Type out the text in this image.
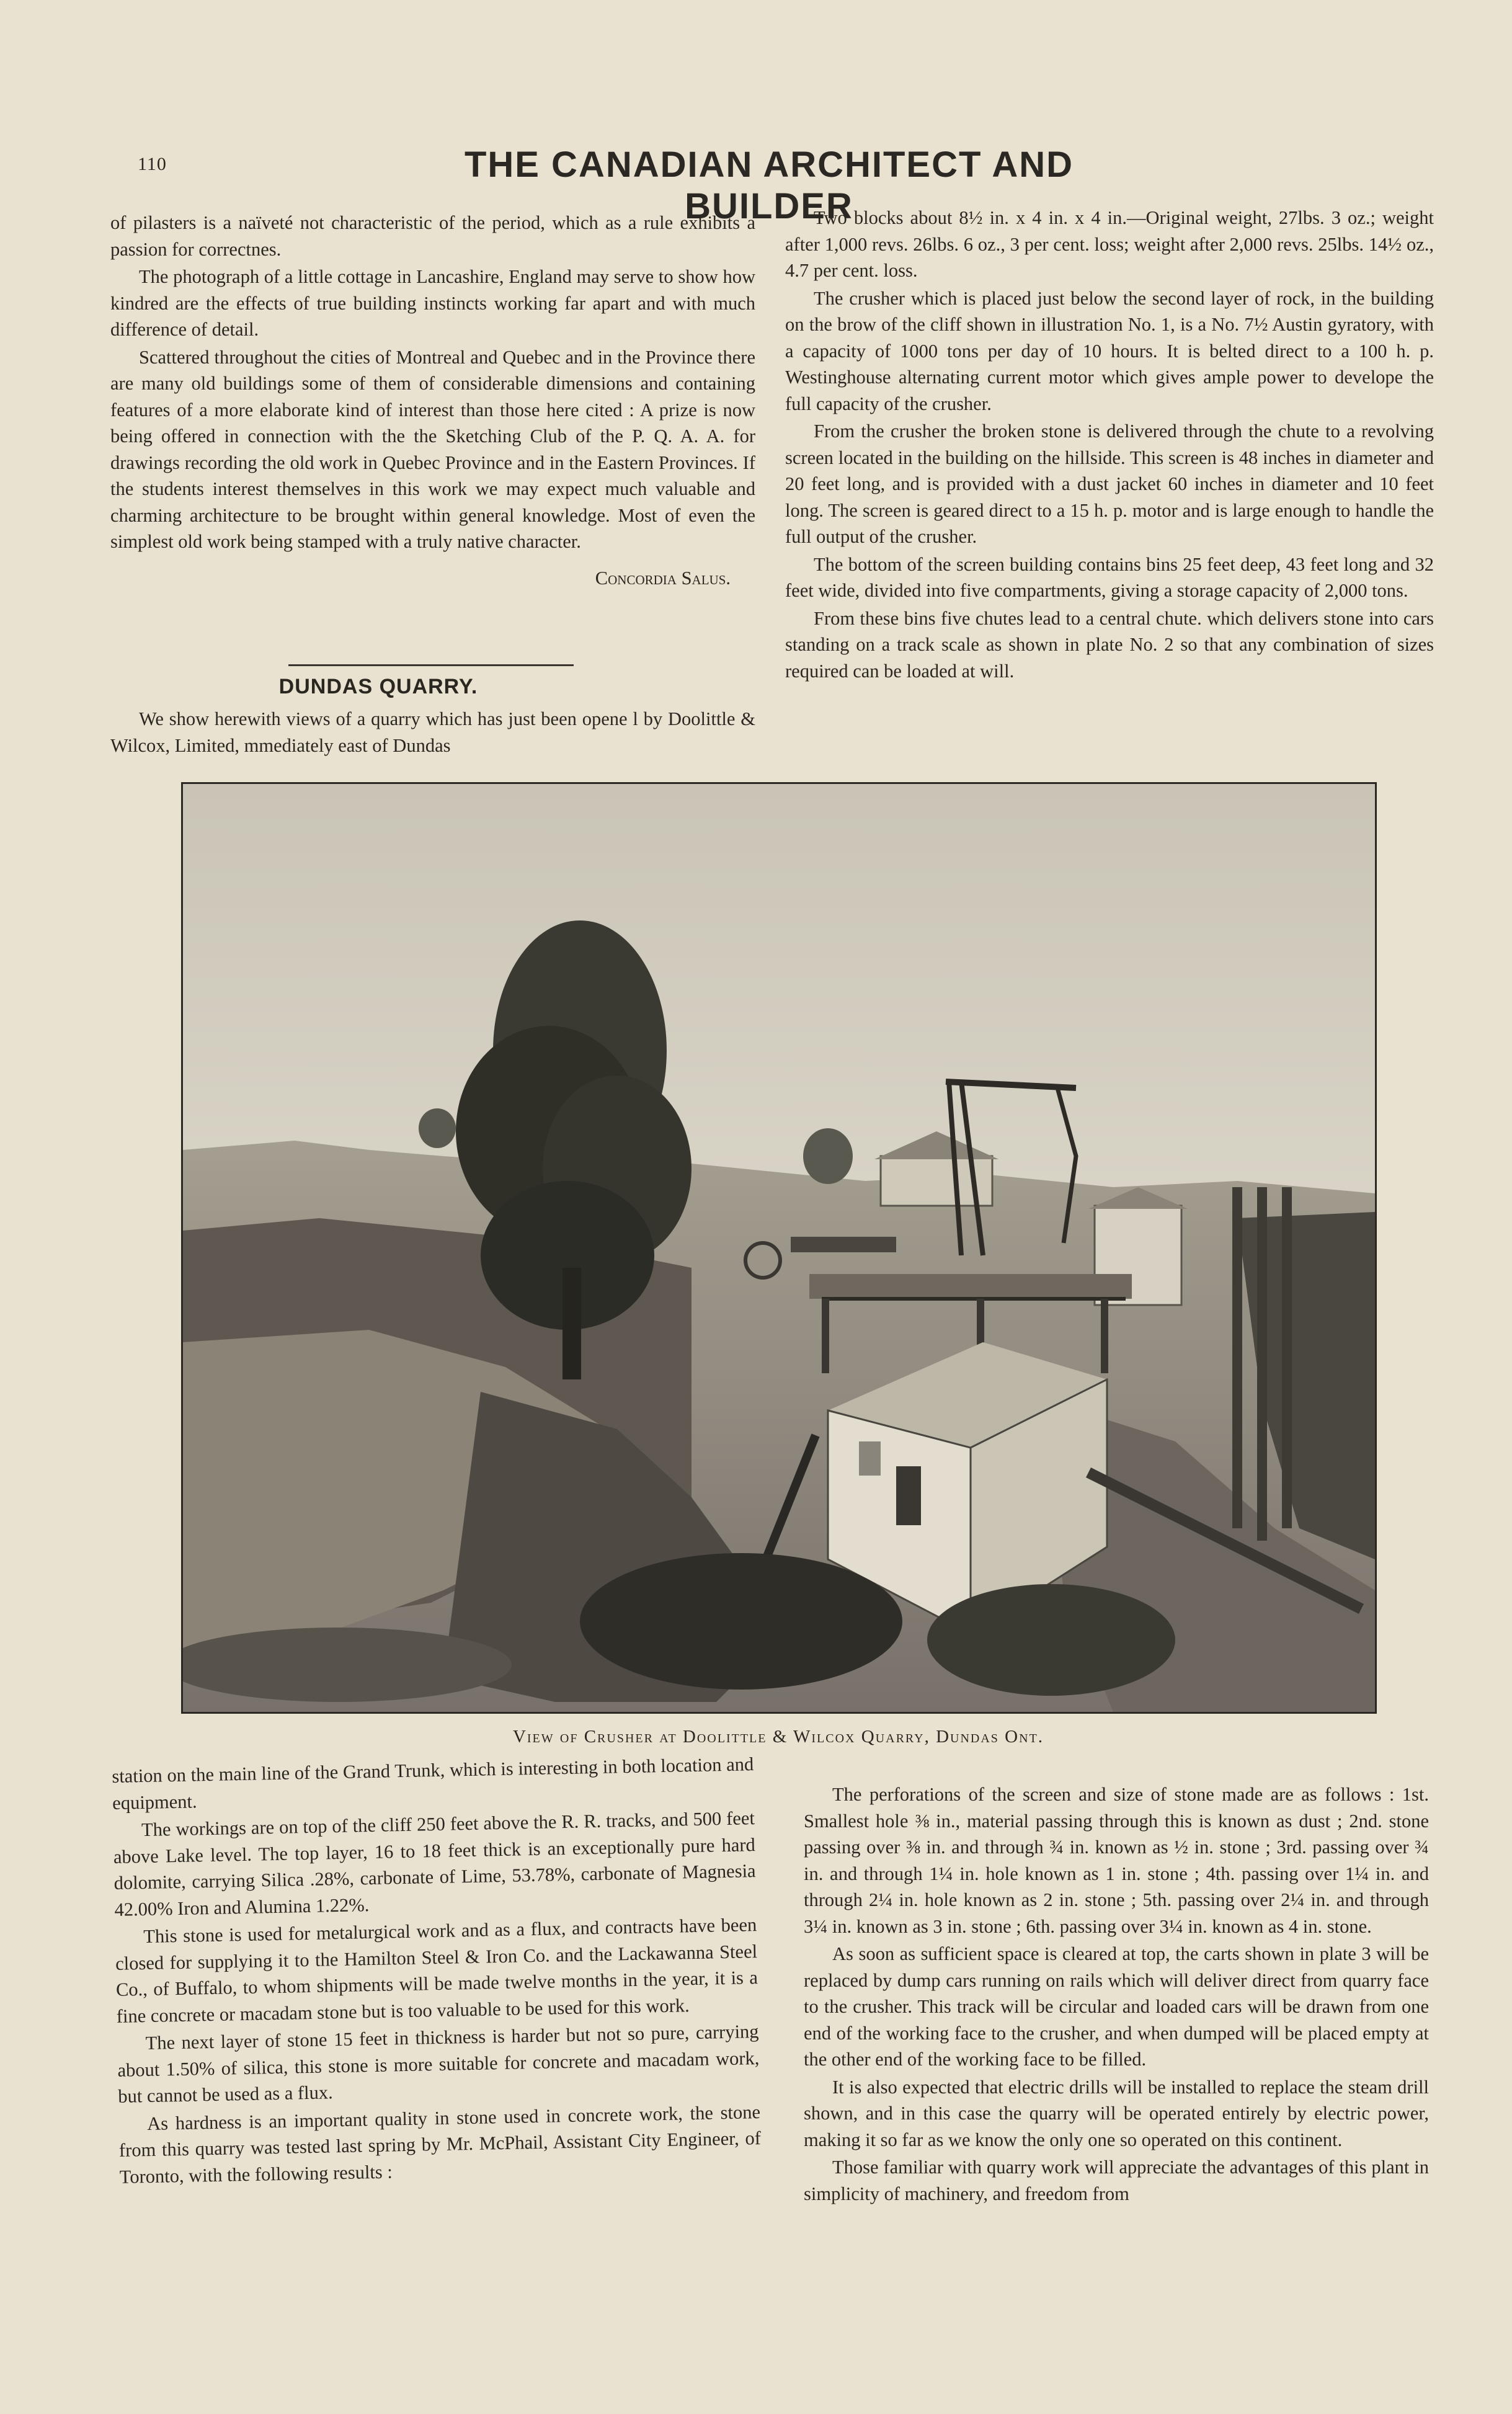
110	THE CANADIAN ARCHITECT AND BUILDER

of pilasters is a naïveté not characteristic of the period, which as a rule exhibits a passion for correctnes.

The photograph of a little cottage in Lancashire, England may serve to show how kindred are the effects of true building instincts working far apart and with much difference of detail.

Scattered throughout the cities of Montreal and Quebec and in the Province there are many old buildings some of them of considerable dimensions and containing features of a more elaborate kind of interest than those here cited : A prize is now being offered in connection with the the Sketching Club of the P. Q. A. A. for drawings recording the old work in Quebec Province and in the Eastern Provinces. If the students interest themselves in this work we may expect much valuable and charming architecture to be brought within general knowledge. Most of even the simplest old work being stamped with a truly native character.

Concordia Salus.

DUNDAS QUARRY.

We show herewith views of a quarry which has just been opene l by Doolittle & Wilcox, Limited, mmediately east of Dundas

Two blocks about 8½ in. x 4 in. x 4 in.—Original weight, 27lbs. 3 oz.; weight after 1,000 revs. 26lbs. 6 oz., 3 per cent. loss; weight after 2,000 revs. 25lbs. 14½ oz., 4.7 per cent. loss.

The crusher which is placed just below the second layer of rock, in the building on the brow of the cliff shown in illustration No. 1, is a No. 7½ Austin gyratory, with a capacity of 1000 tons per day of 10 hours. It is belted direct to a 100 h. p. Westinghouse alternating current motor which gives ample power to develope the full capacity of the crusher.

From the crusher the broken stone is delivered through the chute to a revolving screen located in the building on the hillside. This screen is 48 inches in diameter and 20 feet long, and is provided with a dust jacket 60 inches in diameter and 10 feet long. The screen is geared direct to a 15 h. p. motor and is large enough to handle the full output of the crusher.

The bottom of the screen building contains bins 25 feet deep, 43 feet long and 32 feet wide, divided into five compartments, giving a storage capacity of 2,000 tons.

From these bins five chutes lead to a central chute. which delivers stone into cars standing on a track scale as shown in plate No. 2 so that any combination of sizes required can be loaded at will.

View of Crusher at Doolittle & Wilcox Quarry, Dundas Ont.

station on the main line of the Grand Trunk, which is interesting in both location and equipment.

The workings are on top of the cliff 250 feet above the R. R. tracks, and 500 feet above Lake level. The top layer, 16 to 18 feet thick is an exceptionally pure hard dolomite, carrying Silica .28%, carbonate of Lime, 53.78%, carbonate of Magnesia 42.00% Iron and Alumina 1.22%.

This stone is used for metalurgical work and as a flux, and contracts have been closed for supplying it to the Hamilton Steel & Iron Co. and the Lackawanna Steel Co., of Buffalo, to whom shipments will be made twelve months in the year, it is a fine concrete or macadam stone but is too valuable to be used for this work.

The next layer of stone 15 feet in thickness is harder but not so pure, carrying about 1.50% of silica, this stone is more suitable for concrete and macadam work, but cannot be used as a flux.

As hardness is an important quality in stone used in concrete work, the stone from this quarry was tested last spring by Mr. McPhail, Assistant City Engineer, of Toronto, with the following results :

The perforations of the screen and size of stone made are as follows : 1st. Smallest hole ⅜ in., material passing through this is known as dust ; 2nd. stone passing over ⅜ in. and through ¾ in. known as ½ in. stone ; 3rd. passing over ¾ in. and through 1¼ in. hole known as 1 in. stone ; 4th. passing over 1¼ in. and through 2¼ in. hole known as 2 in. stone ; 5th. passing over 2¼ in. and through 3¼ in. known as 3 in. stone ; 6th. passing over 3¼ in. known as 4 in. stone.

As soon as sufficient space is cleared at top, the carts shown in plate 3 will be replaced by dump cars running on rails which will deliver direct from quarry face to the crusher. This track will be circular and loaded cars will be drawn from one end of the working face to the crusher, and when dumped will be placed empty at the other end of the working face to be filled.

It is also expected that electric drills will be installed to replace the steam drill shown, and in this case the quarry will be operated entirely by electric power, making it so far as we know the only one so operated on this continent.

Those familiar with quarry work will appreciate the advantages of this plant in simplicity of machinery, and freedom from
